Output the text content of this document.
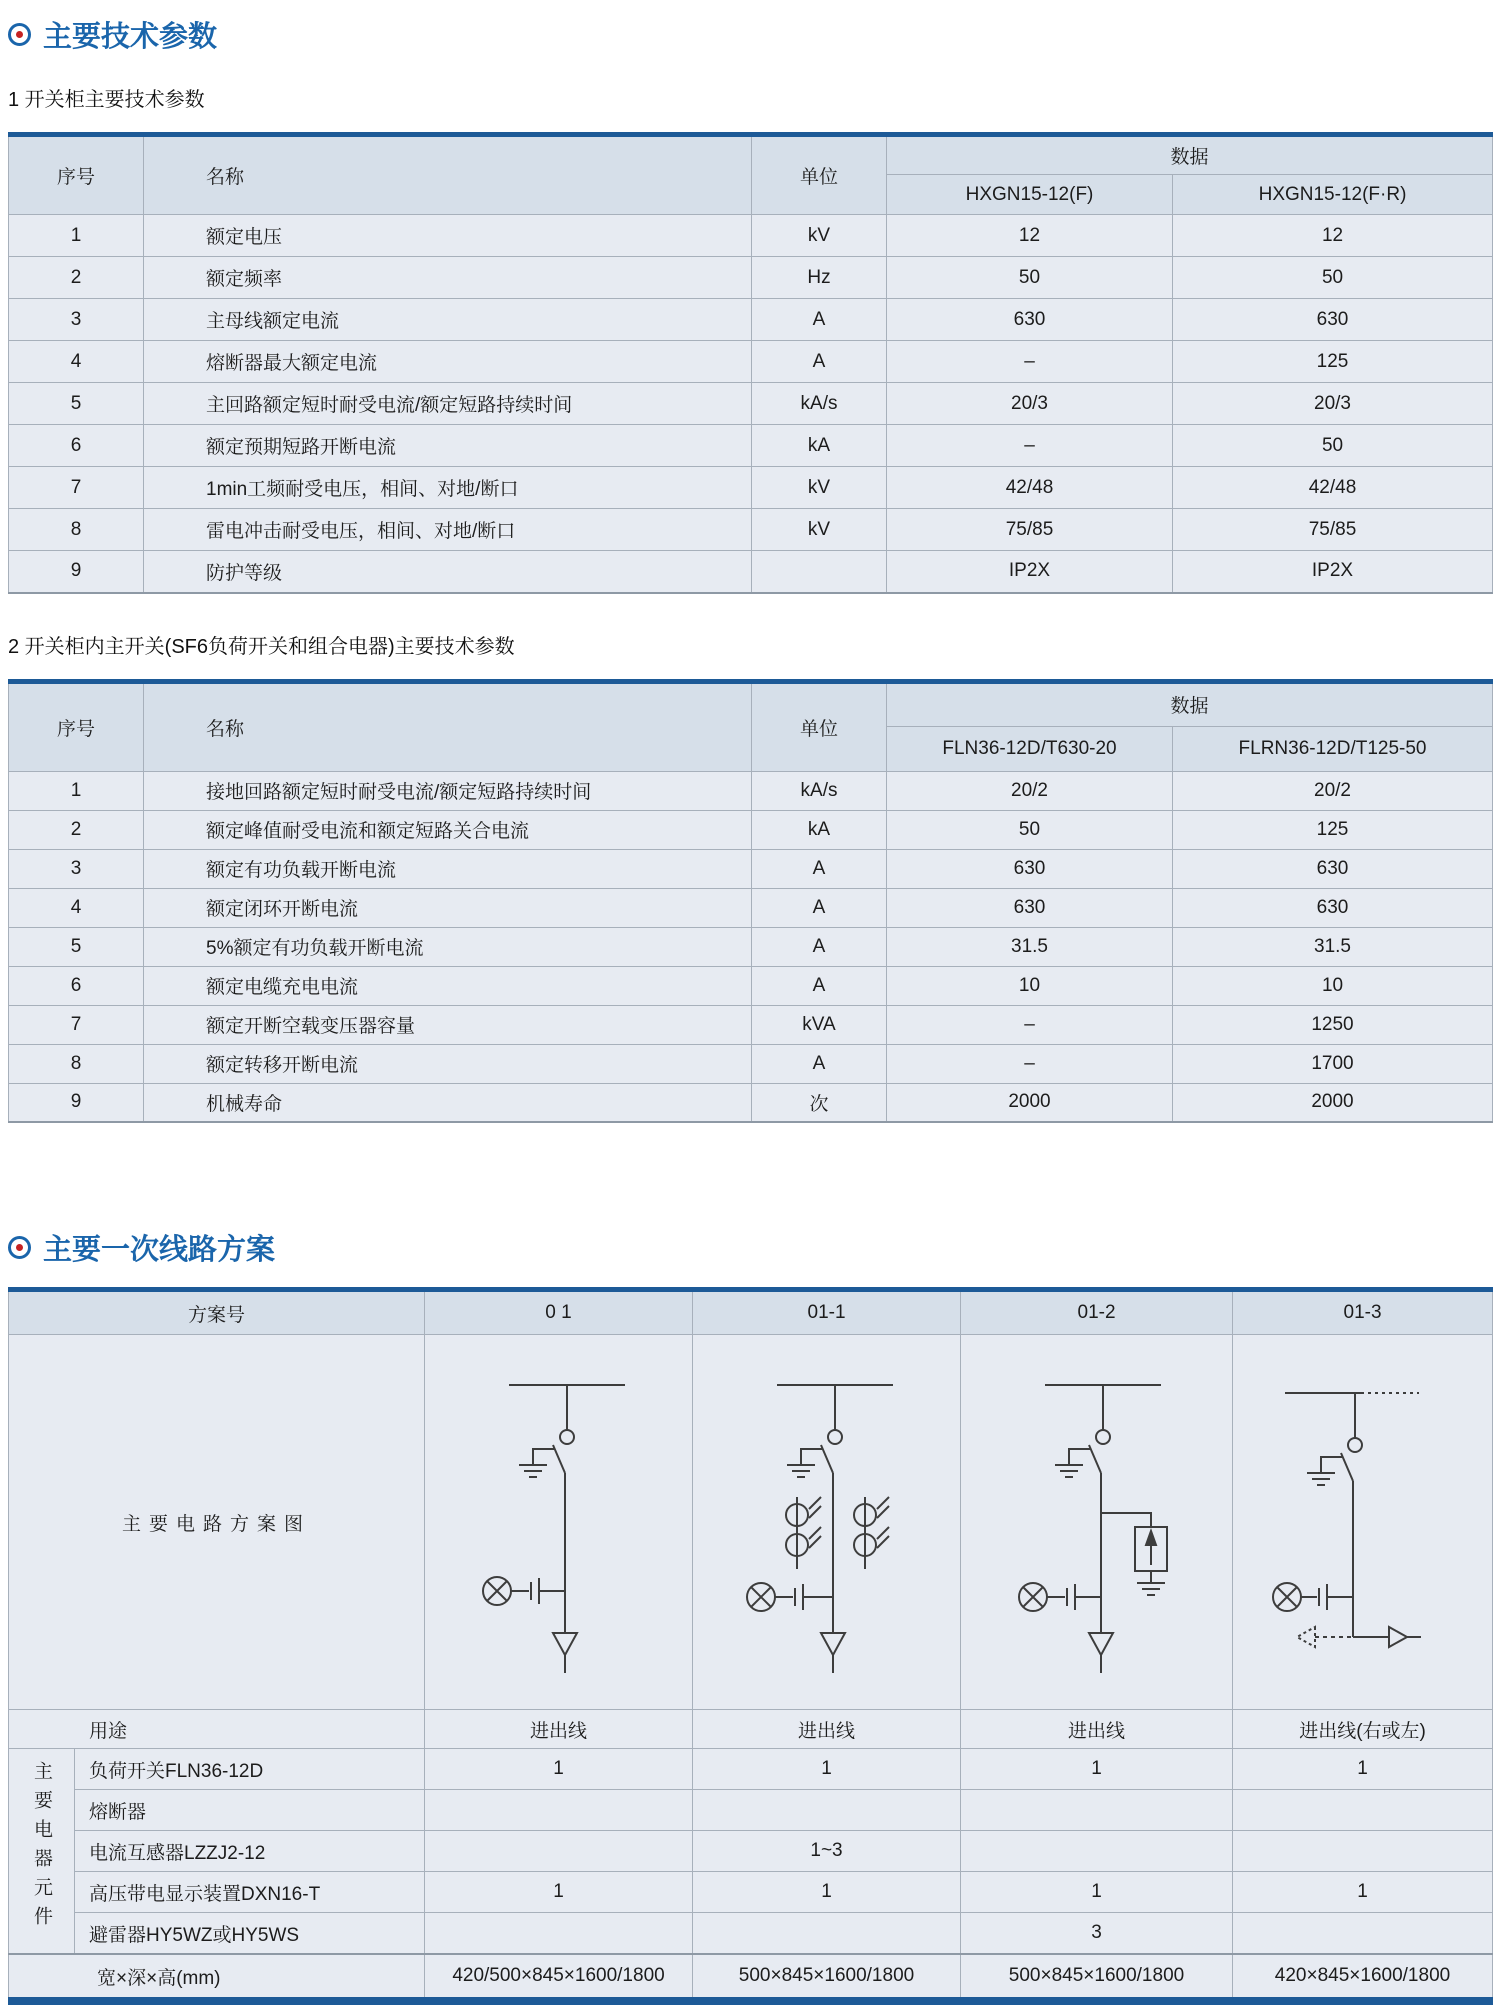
主要技术参数
1 开关柜主要技术参数
序号	名称	单位	数据	
			HXGN15-12(F)	HXGN15-12(F·R)
1	额定电压	kV	12	12
2	额定频率	Hz	50	50
3	主母线额定电流	A	630	630
4	熔断器最大额定电流	A	–	125
5	主回路额定短时耐受电流/额定短路持续时间	kA/s	20/3	20/3
6	额定预期短路开断电流	kA	–	50
7	1min工频耐受电压，相间、对地/断口	kV	42/48	42/48
8	雷电冲击耐受电压，相间、对地/断口	kV	75/85	75/85
9	防护等级		IP2X	IP2X
2 开关柜内主开关(SF6负荷开关和组合电器)主要技术参数
序号	名称	单位	数据	
			FLN36-12D/T630-20	FLRN36-12D/T125-50
1	接地回路额定短时耐受电流/额定短路持续时间	kA/s	20/2	20/2
2	额定峰值耐受电流和额定短路关合电流	kA	50	125
3	额定有功负载开断电流	A	630	630
4	额定闭环开断电流	A	630	630
5	5%额定有功负载开断电流	A	31.5	31.5
6	额定电缆充电电流	A	10	10
7	额定开断空载变压器容量	kVA	–	1250
8	额定转移开断电流	A	–	1700
9	机械寿命	次	2000	2000
主要一次线路方案
方案号		0 1	01-1	01-2	01-3
主要电路方案图	

用途		进出线	进出线	进出线	进出线(右或左)
主要电器元件	负荷开关FLN36-12D	1	1	1	1
	熔断器				
	电流互感器LZZJ2-12		1~3		
	高压带电显示装置DXN16-T	1	1	1	1
	避雷器HY5WZ或HY5WS			3	
宽×深×高(mm)		420/500×845×1600/1800	500×845×1600/1800	500×845×1600/1800	420×845×1600/1800
